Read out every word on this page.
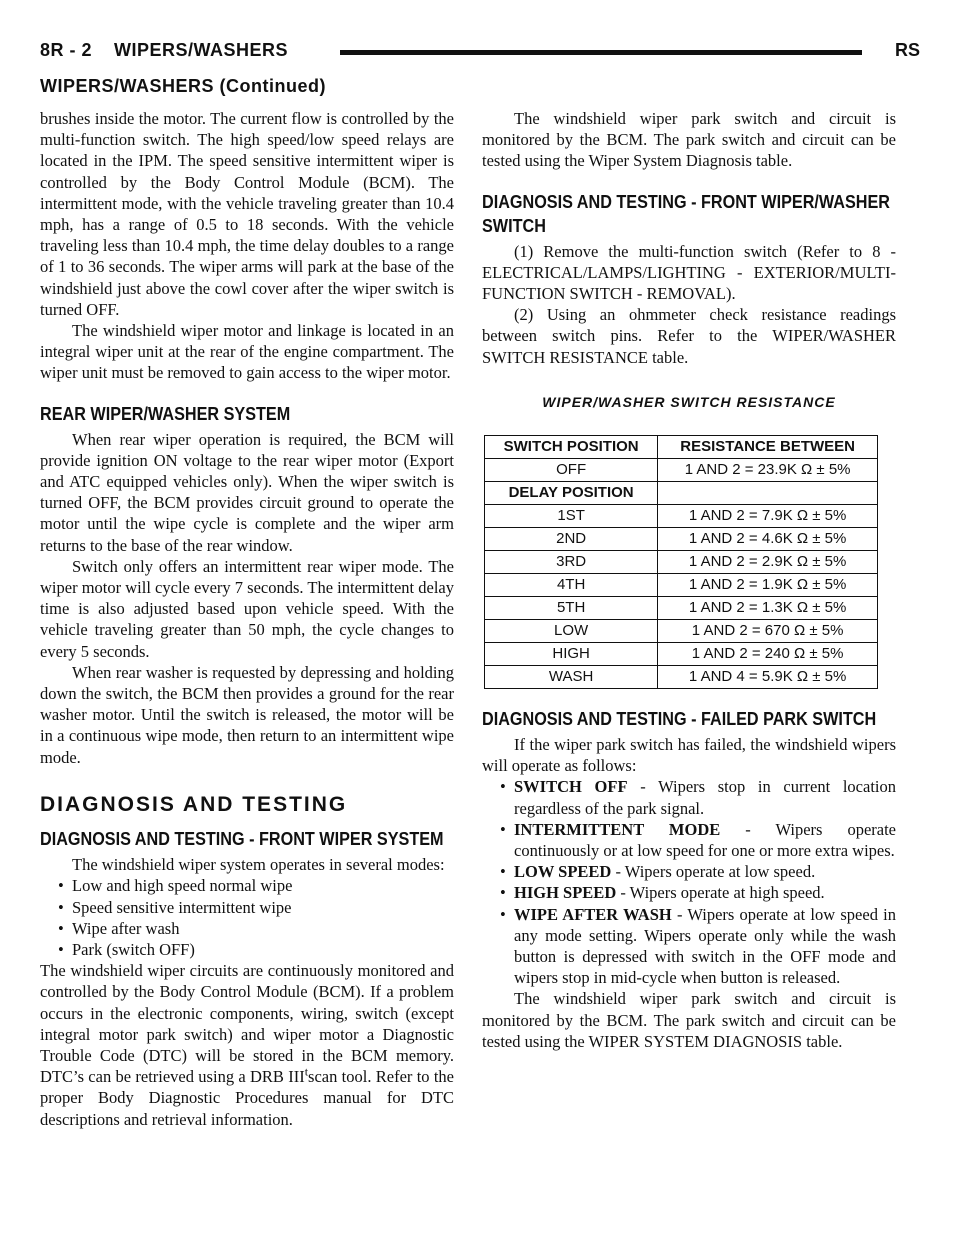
8R - 2    WIPERS/WASHERS	RS
WIPERS/WASHERS (Continued)

brushes inside the motor. The current flow is controlled by the multi-function switch. The high speed/low speed relays are located in the IPM. The speed sensitive intermittent wiper is controlled by the Body Control Module (BCM). The intermittent mode, with the vehicle traveling greater than 10.4 mph, has a range of 0.5 to 18 seconds. With the vehicle traveling less than 10.4 mph, the time delay doubles to a range of 1 to 36 seconds. The wiper arms will park at the base of the windshield just above the cowl cover after the wiper switch is turned OFF.

The windshield wiper motor and linkage is located in an integral wiper unit at the rear of the engine compartment. The wiper unit must be removed to gain access to the wiper motor.

REAR WIPER/WASHER SYSTEM

When rear wiper operation is required, the BCM will provide ignition ON voltage to the rear wiper motor (Export and ATC equipped vehicles only). When the wiper switch is turned OFF, the BCM provides circuit ground to operate the motor until the wipe cycle is complete and the wiper arm returns to the base of the rear window.

Switch only offers an intermittent rear wiper mode. The wiper motor will cycle every 7 seconds. The intermittent delay time is also adjusted based upon vehicle speed. With the vehicle traveling greater than 50 mph, the cycle changes to every 5 seconds.

When rear washer is requested by depressing and holding down the switch, the BCM then provides a ground for the rear washer motor. Until the switch is released, the motor will be in a continuous wipe mode, then return to an intermittent wipe mode.

DIAGNOSIS AND TESTING
DIAGNOSIS AND TESTING - FRONT WIPER SYSTEM

The windshield wiper system operates in several modes:

• Low and high speed normal wipe
• Speed sensitive intermittent wipe
• Wipe after wash
• Park (switch OFF)

The windshield wiper circuits are continuously monitored and controlled by the Body Control Module (BCM). If a problem occurs in the electronic components, wiring, switch (except integral motor park switch) and wiper motor a Diagnostic Trouble Code (DTC) will be stored in the BCM memory. DTC’s can be retrieved using a DRB III$^t$scan tool. Refer to the proper Body Diagnostic Procedures manual for DTC descriptions and retrieval information.

The windshield wiper park switch and circuit is monitored by the BCM. The park switch and circuit can be tested using the Wiper System Diagnosis table.

DIAGNOSIS AND TESTING - FRONT WIPER/WASHER SWITCH

(1) Remove the multi-function switch (Refer to 8 - ELECTRICAL/LAMPS/LIGHTING - EXTERIOR/MULTI-FUNCTION SWITCH - REMOVAL).

(2) Using an ohmmeter check resistance readings between switch pins. Refer to the WIPER/WASHER SWITCH RESISTANCE table.

WIPER/WASHER SWITCH RESISTANCE
SWITCH POSITION	RESISTANCE BETWEEN
OFF	1 AND 2 = 23.9K Ω ± 5%
DELAY POSITION	
1ST	1 AND 2 = 7.9K Ω ± 5%
2ND	1 AND 2 = 4.6K Ω ± 5%
3RD	1 AND 2 = 2.9K Ω ± 5%
4TH	1 AND 2 = 1.9K Ω ± 5%
5TH	1 AND 2 = 1.3K Ω ± 5%
LOW	1 AND 2 = 670 Ω ± 5%
HIGH	1 AND 2 = 240 Ω ± 5%
WASH	1 AND 4 = 5.9K Ω ± 5%
DIAGNOSIS AND TESTING - FAILED PARK SWITCH

If the wiper park switch has failed, the windshield wipers will operate as follows:

• SWITCH OFF - Wipers stop in current location regardless of the park signal.
• INTERMITTENT MODE - Wipers operate continuously or at low speed for one or more extra wipes.
• LOW SPEED - Wipers operate at low speed.
• HIGH SPEED - Wipers operate at high speed.
• WIPE AFTER WASH - Wipers operate at low speed in any mode setting. Wipers operate only while the wash button is depressed with switch in the OFF mode and wipers stop in mid-cycle when button is released.

The windshield wiper park switch and circuit is monitored by the BCM. The park switch and circuit can be tested using the WIPER SYSTEM DIAGNOSIS table.
